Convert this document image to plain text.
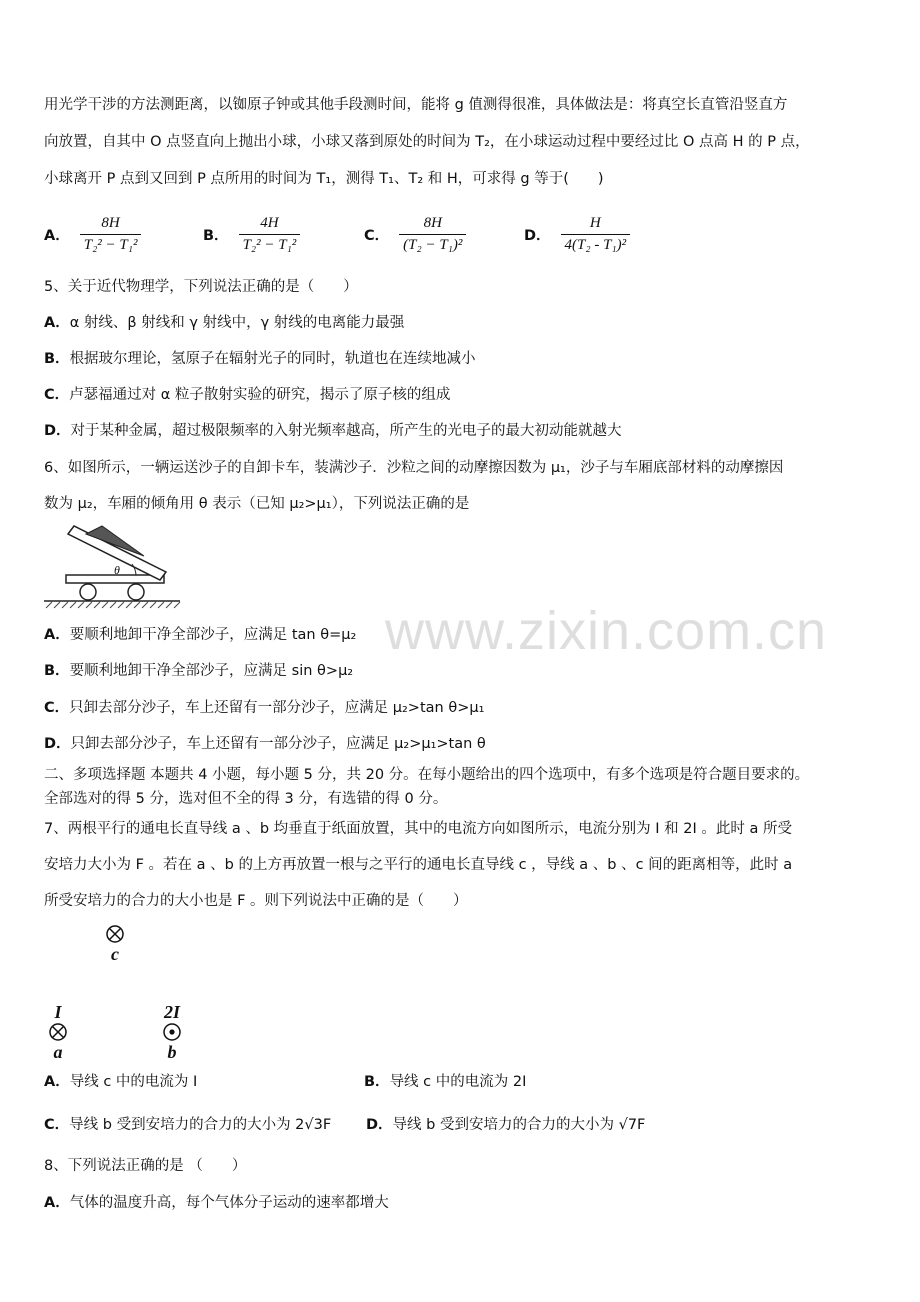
用光学干涉的方法测距离，以铷原子钟或其他手段测时间，能将 g 值测得很准，具体做法是：将真空长直管沿竖直方
向放置，自其中 O 点竖直向上抛出小球，小球又落到原处的时间为 T₂，在小球运动过程中要经过比 O 点高 H 的 P 点，
小球离开 P 点到又回到 P 点所用的时间为 T₁，测得 T₁、T₂ 和 H，可求得 g 等于(　　)
A． $\frac{8H}{\text{T₂² − T₁²}}$	B． $\frac{4H}{\text{T₂² − T₁²}}$	C． $\frac{8H}{\text{(T₂ − T₁)²}}$	D． $\frac{H}{\text{4(T₂ - T₁)²}}$
5、关于近代物理学，下列说法正确的是（　　）
A．α 射线、β 射线和 γ 射线中，γ 射线的电离能力最强
B．根据玻尔理论，氢原子在辐射光子的同时，轨道也在连续地减小
C．卢瑟福通过对 α 粒子散射实验的研究，揭示了原子核的组成
D．对于某种金属，超过极限频率的入射光频率越高，所产生的光电子的最大初动能就越大
6、如图所示，一辆运送沙子的自卸卡车，装满沙子．沙粒之间的动摩擦因数为 μ₁，沙子与车厢底部材料的动摩擦因
数为 μ₂，车厢的倾角用 θ 表示（已知 μ₂>μ₁），下列说法正确的是
θ
A．要顺利地卸干净全部沙子，应满足 tan θ=μ₂
B．要顺利地卸干净全部沙子，应满足 sin θ>μ₂
C．只卸去部分沙子，车上还留有一部分沙子，应满足 μ₂>tan θ>μ₁
D．只卸去部分沙子，车上还留有一部分沙子，应满足 μ₂>μ₁>tan θ
二、多项选择题 本题共 4 小题，每小题 5 分，共 20 分。在每小题给出的四个选项中，有多个选项是符合题目要求的。
全部选对的得 5 分，选对但不全的得 3 分，有选错的得 0 分。
7、两根平行的通电长直导线 a 、b 均垂直于纸面放置，其中的电流方向如图所示，电流分别为 I 和 2I 。此时 a 所受
安培力大小为 F 。若在 a 、b 的上方再放置一根与之平行的通电长直导线 c ，导线 a 、b 、c 间的距离相等，此时 a
所受安培力的合力的大小也是 F 。则下列说法中正确的是（　　）
c
I
a
2I
b
A．导线 c 中的电流为 I	B．导线 c 中的电流为 2I
C．导线 b 受到安培力的合力的大小为 2√3F D．导线 b 受到安培力的合力的大小为 √7F
8、下列说法正确的是 （　　）
A．气体的温度升高，每个气体分子运动的速率都增大
www.zixin.com.cn
